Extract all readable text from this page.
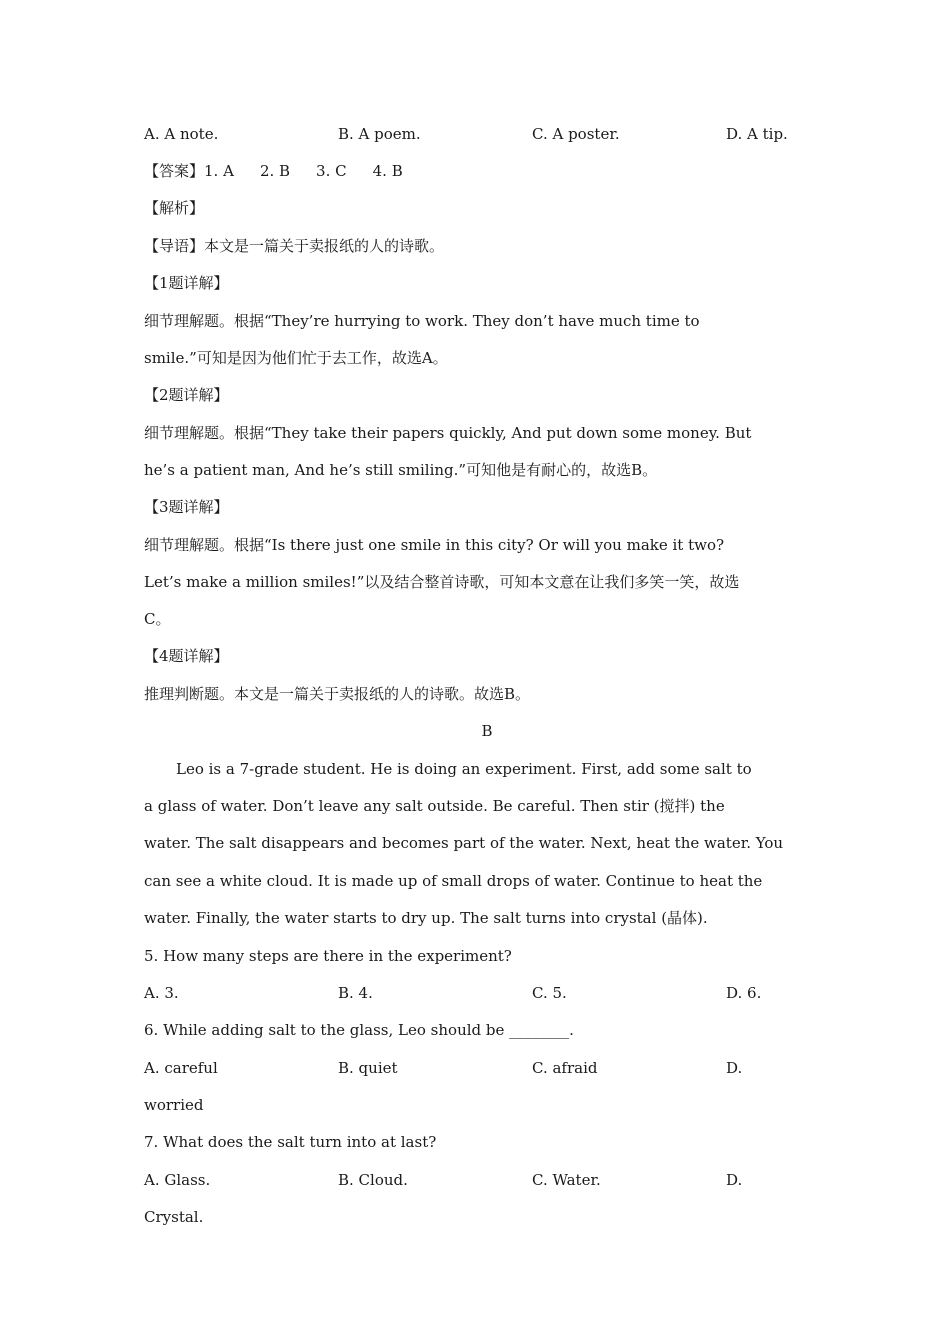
A. A note.	B. A poem.	C. A poster.	D. A tip.
【答案】1. A 2. B 3. C 4. B
【解析】
【导语】本文是一篇关于卖报纸的人的诗歌。
【1题详解】
细节理解题。根据“They’re hurrying to work. They don’t have much time to
smile.”可知是因为他们忙于去工作，故选A。
【2题详解】
细节理解题。根据“They take their papers quickly, And put down some money. But
he’s a patient man, And he’s still smiling.”可知他是有耐心的，故选B。
【3题详解】
细节理解题。根据“Is there just one smile in this city? Or will you make it two?
Let’s make a million smiles!”以及结合整首诗歌，可知本文意在让我们多笑一笑，故选
C。
【4题详解】
推理判断题。本文是一篇关于卖报纸的人的诗歌。故选B。
B
Leo is a 7-grade student. He is doing an experiment. First, add some salt to
a glass of water. Don’t leave any salt outside. Be careful. Then stir (搅拌) the
water. The salt disappears and becomes part of the water. Next, heat the water. You
can see a white cloud. It is made up of small drops of water. Continue to heat the
water. Finally, the water starts to dry up. The salt turns into crystal (晶体).
5. How many steps are there in the experiment?
A. 3.	B. 4.	C. 5.	D. 6.
6. While adding salt to the glass, Leo should be ________.
A. careful	B. quiet	C. afraid	D.
worried
7. What does the salt turn into at last?
A. Glass.	B. Cloud.	C. Water.	D.
Crystal.
